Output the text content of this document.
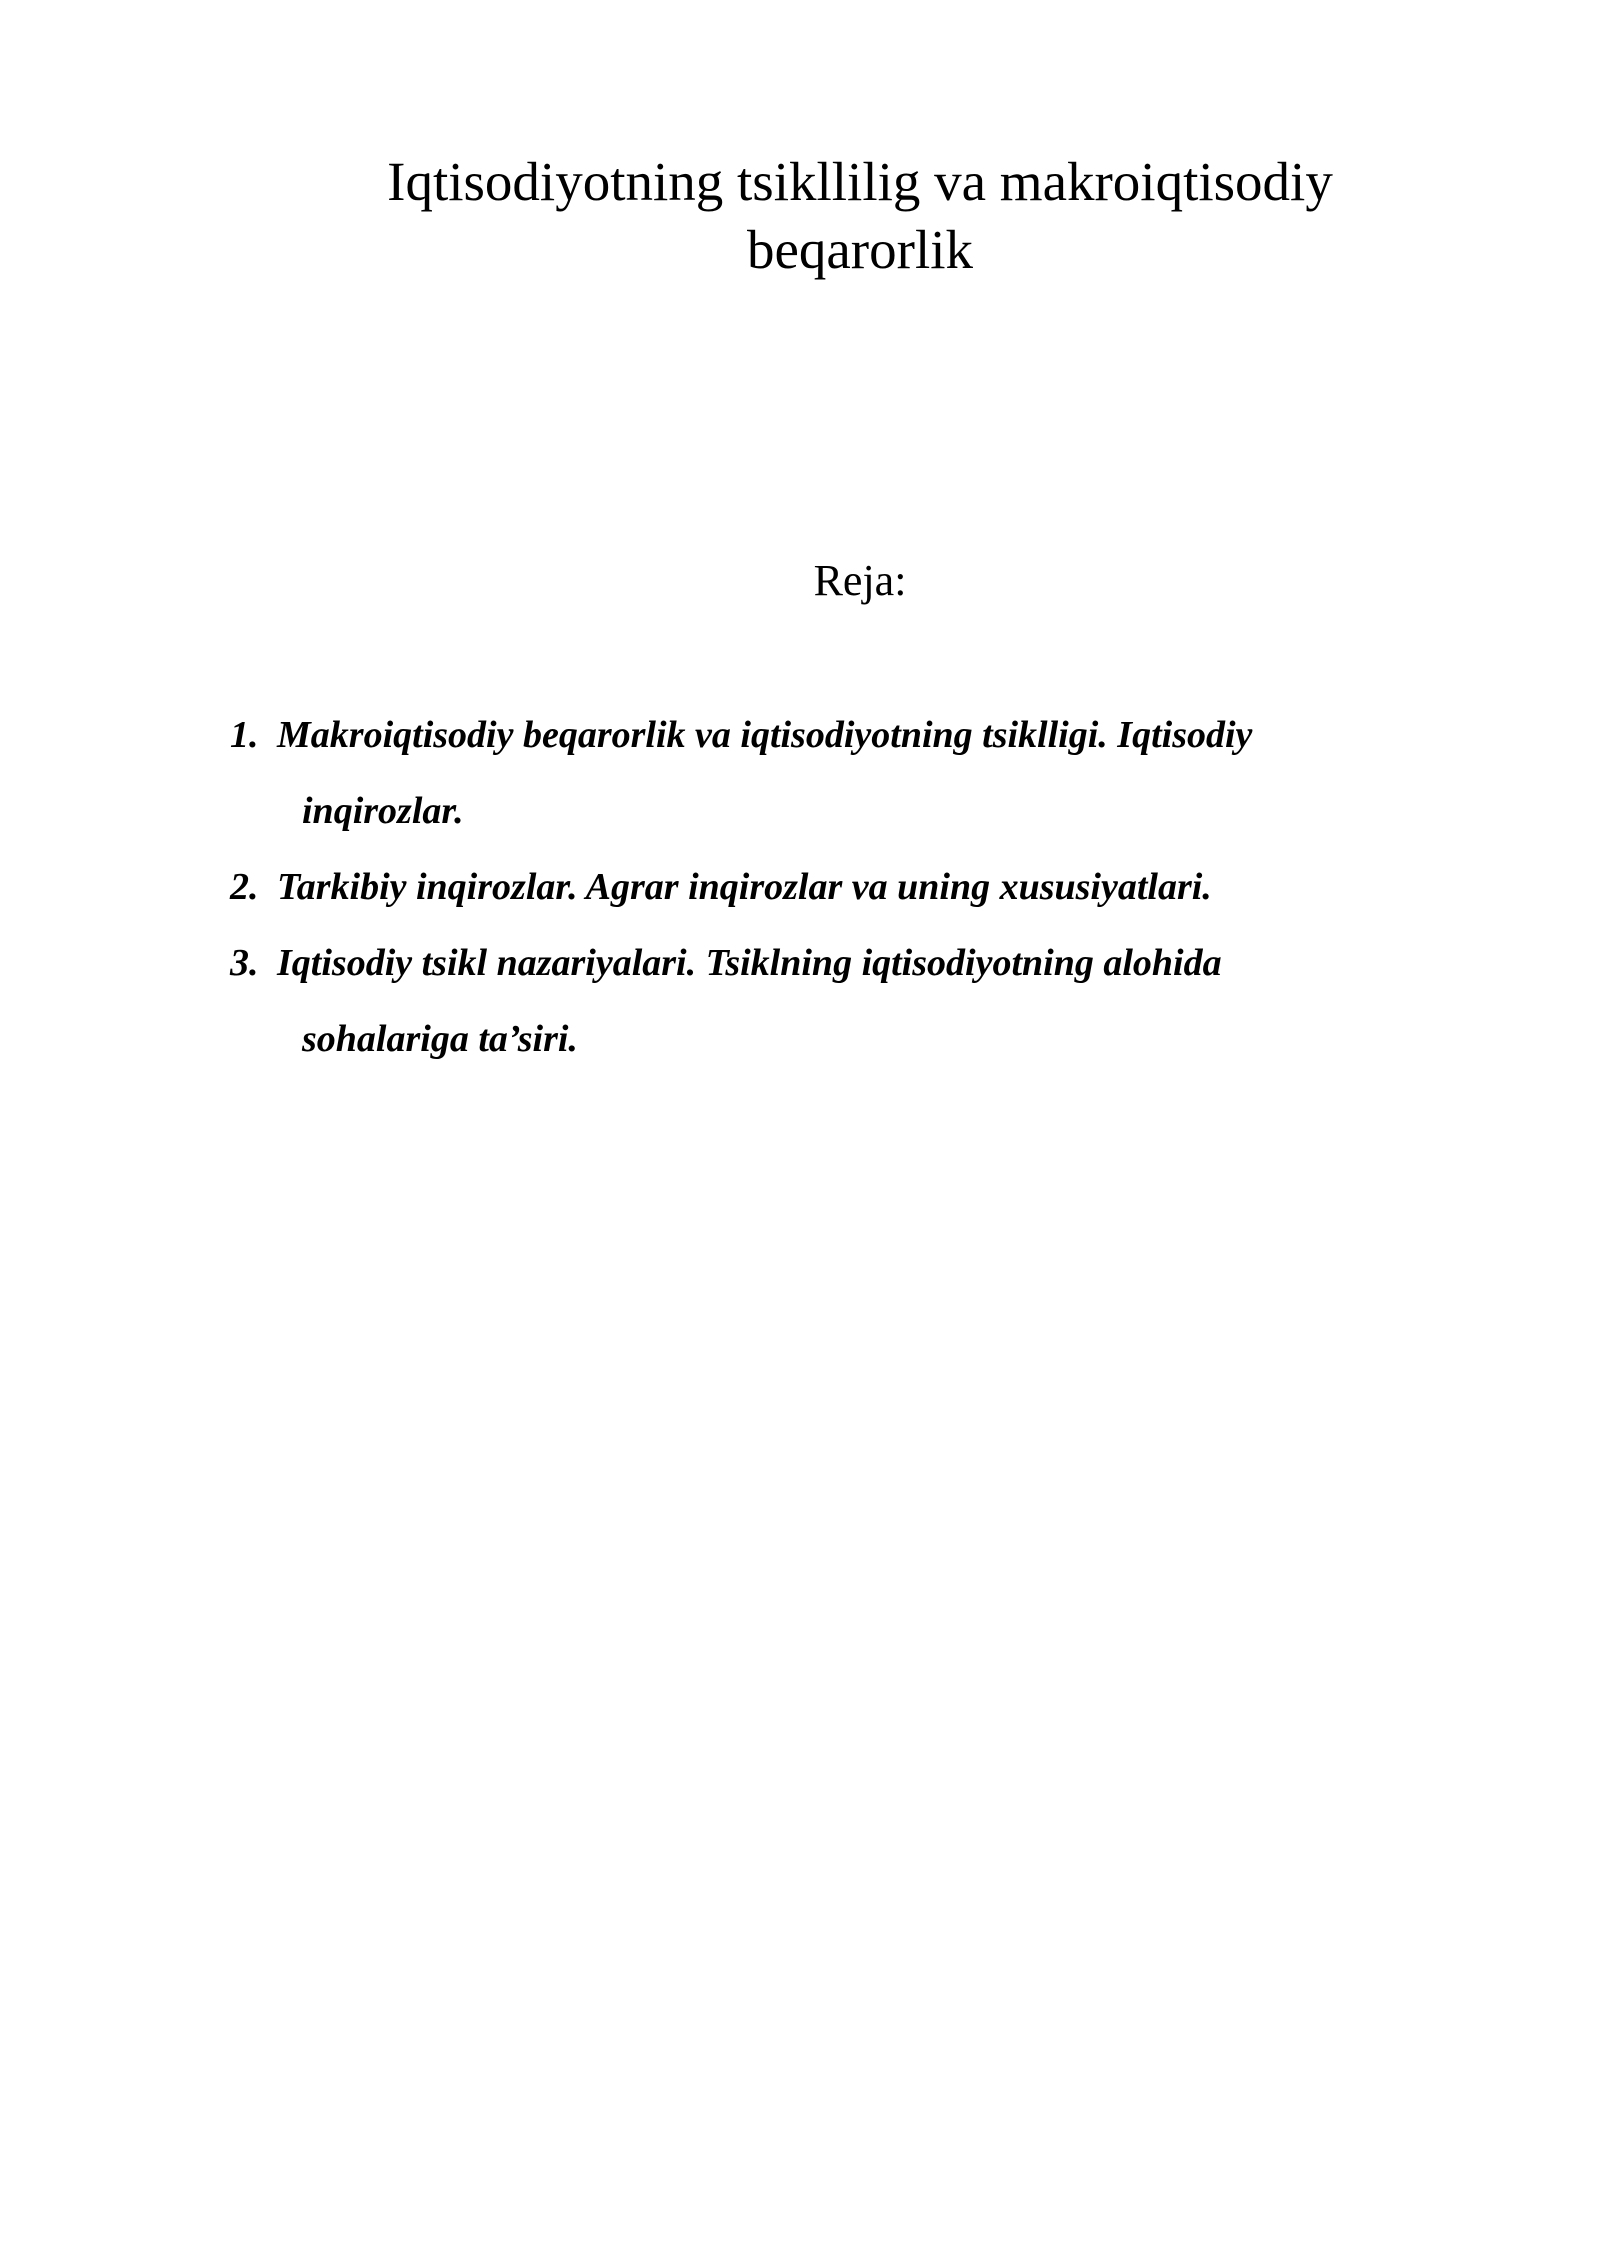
Iqtisodiyotning tsikllilig va makroiqtisodiy
beqarorlik
Reja:
1. Makroiqtisodiy beqarorlik va iqtisodiyotning tsiklligi. Iqtisodiy
inqirozlar.
2. Tarkibiy inqirozlar. Agrar inqirozlar va uning xususiyatlari.
3. Iqtisodiy tsikl nazariyalari. Tsiklning iqtisodiyotning alohida
sohalariga ta’siri.
